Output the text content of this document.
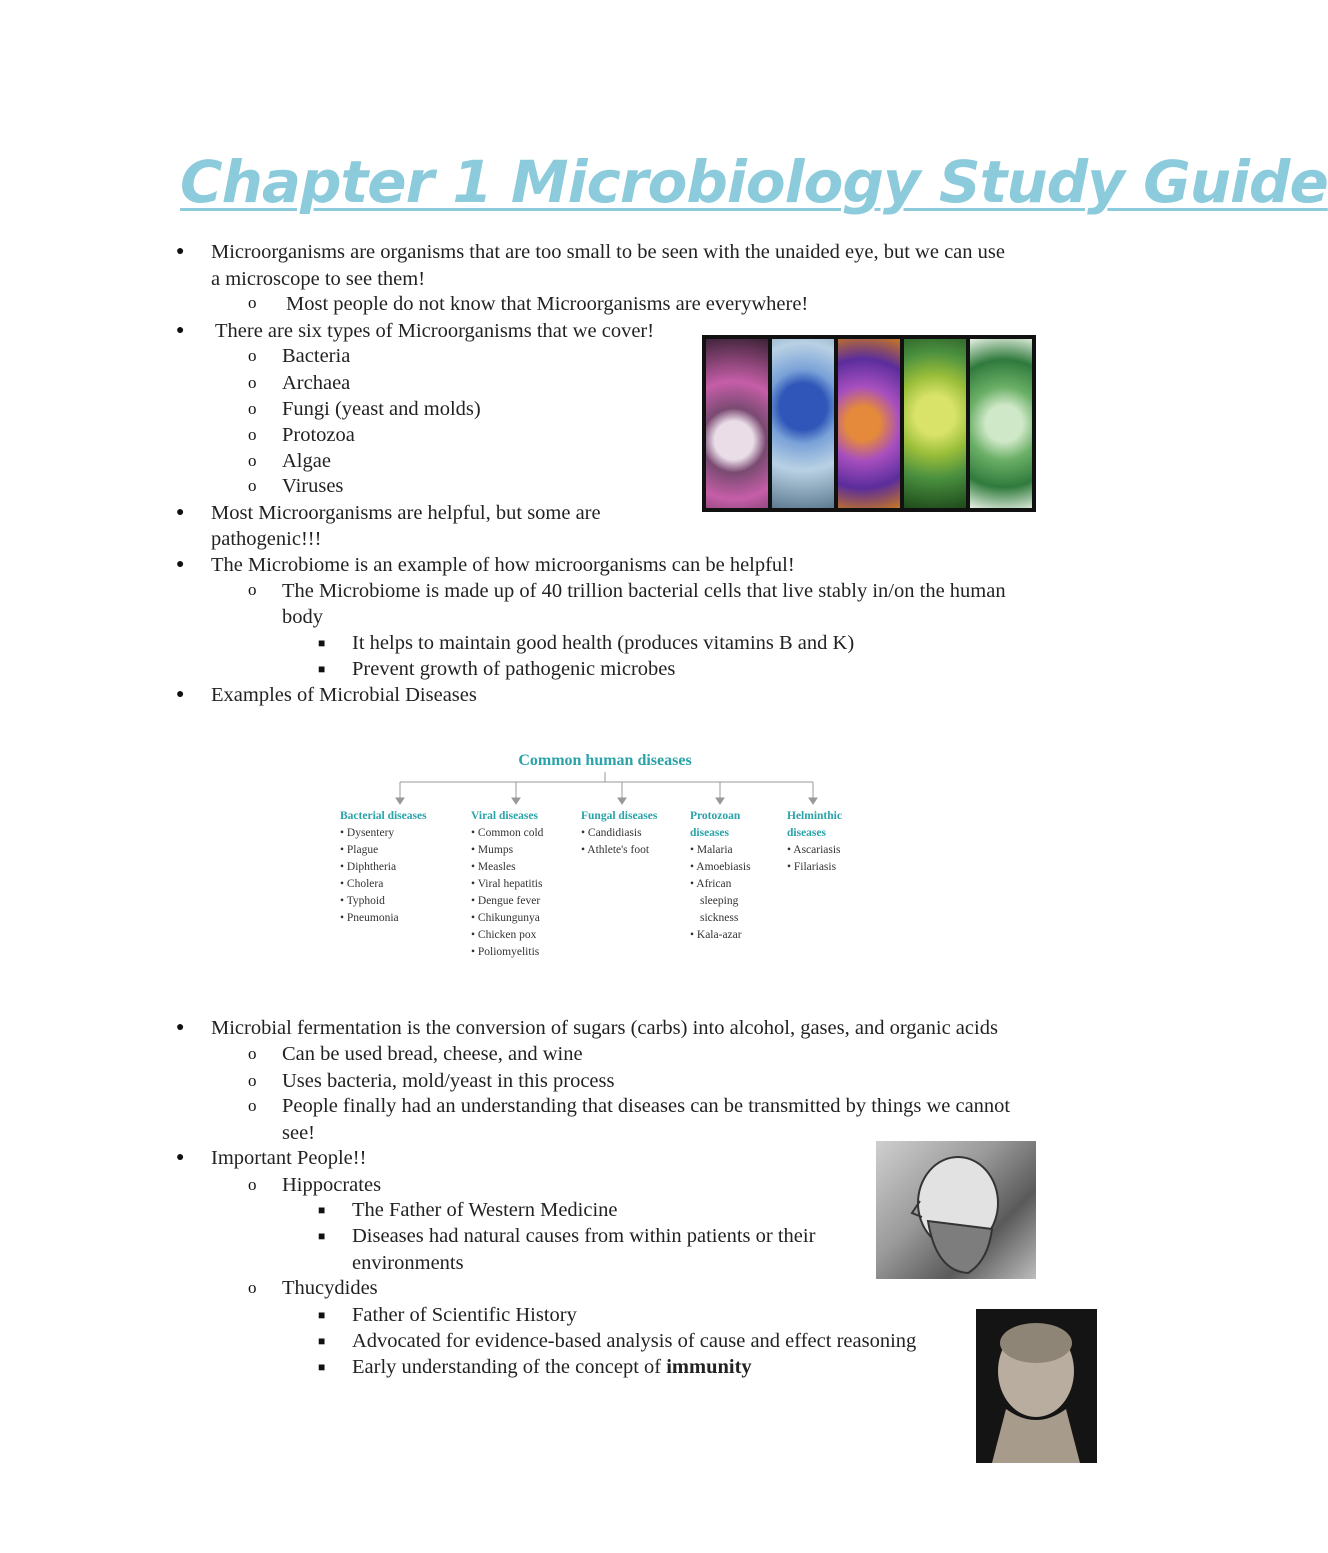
Chapter 1 Microbiology Study Guide
● Microorganisms are organisms that are too small to be seen with the unaided eye, but we can use
a microscope to see them!
o Most people do not know that Microorganisms are everywhere!
● There are six types of Microorganisms that we cover!
o Bacteria
o Archaea
o Fungi (yeast and molds)
o Protozoa
o Algae
o Viruses
● Most Microorganisms are helpful, but some are
pathogenic!!!
● The Microbiome is an example of how microorganisms can be helpful!
o The Microbiome is made up of 40 trillion bacterial cells that live stably in/on the human
body
■ It helps to maintain good health (produces vitamins B and K)
■ Prevent growth of pathogenic microbes
● Examples of Microbial Diseases
Common human diseases
Bacterial diseases
• Dysentery
• Plague
• Diphtheria
• Cholera
• Typhoid
• Pneumonia
Viral diseases
• Common cold
• Mumps
• Measles
• Viral hepatitis
• Dengue fever
• Chikungunya
• Chicken pox
• Poliomyelitis
Fungal diseases
• Candidiasis
• Athlete's foot
Protozoan
diseases
• Malaria
• Amoebiasis
• African
sleeping
sickness
• Kala-azar
Helminthic
diseases
• Ascariasis
• Filariasis
● Microbial fermentation is the conversion of sugars (carbs) into alcohol, gases, and organic acids
o Can be used bread, cheese, and wine
o Uses bacteria, mold/yeast in this process
o People finally had an understanding that diseases can be transmitted by things we cannot
see!
● Important People!!
o Hippocrates
■ The Father of Western Medicine
■ Diseases had natural causes from within patients or their
environments
o Thucydides
■ Father of Scientific History
■ Advocated for evidence-based analysis of cause and effect reasoning
■ Early understanding of the concept of immunity
